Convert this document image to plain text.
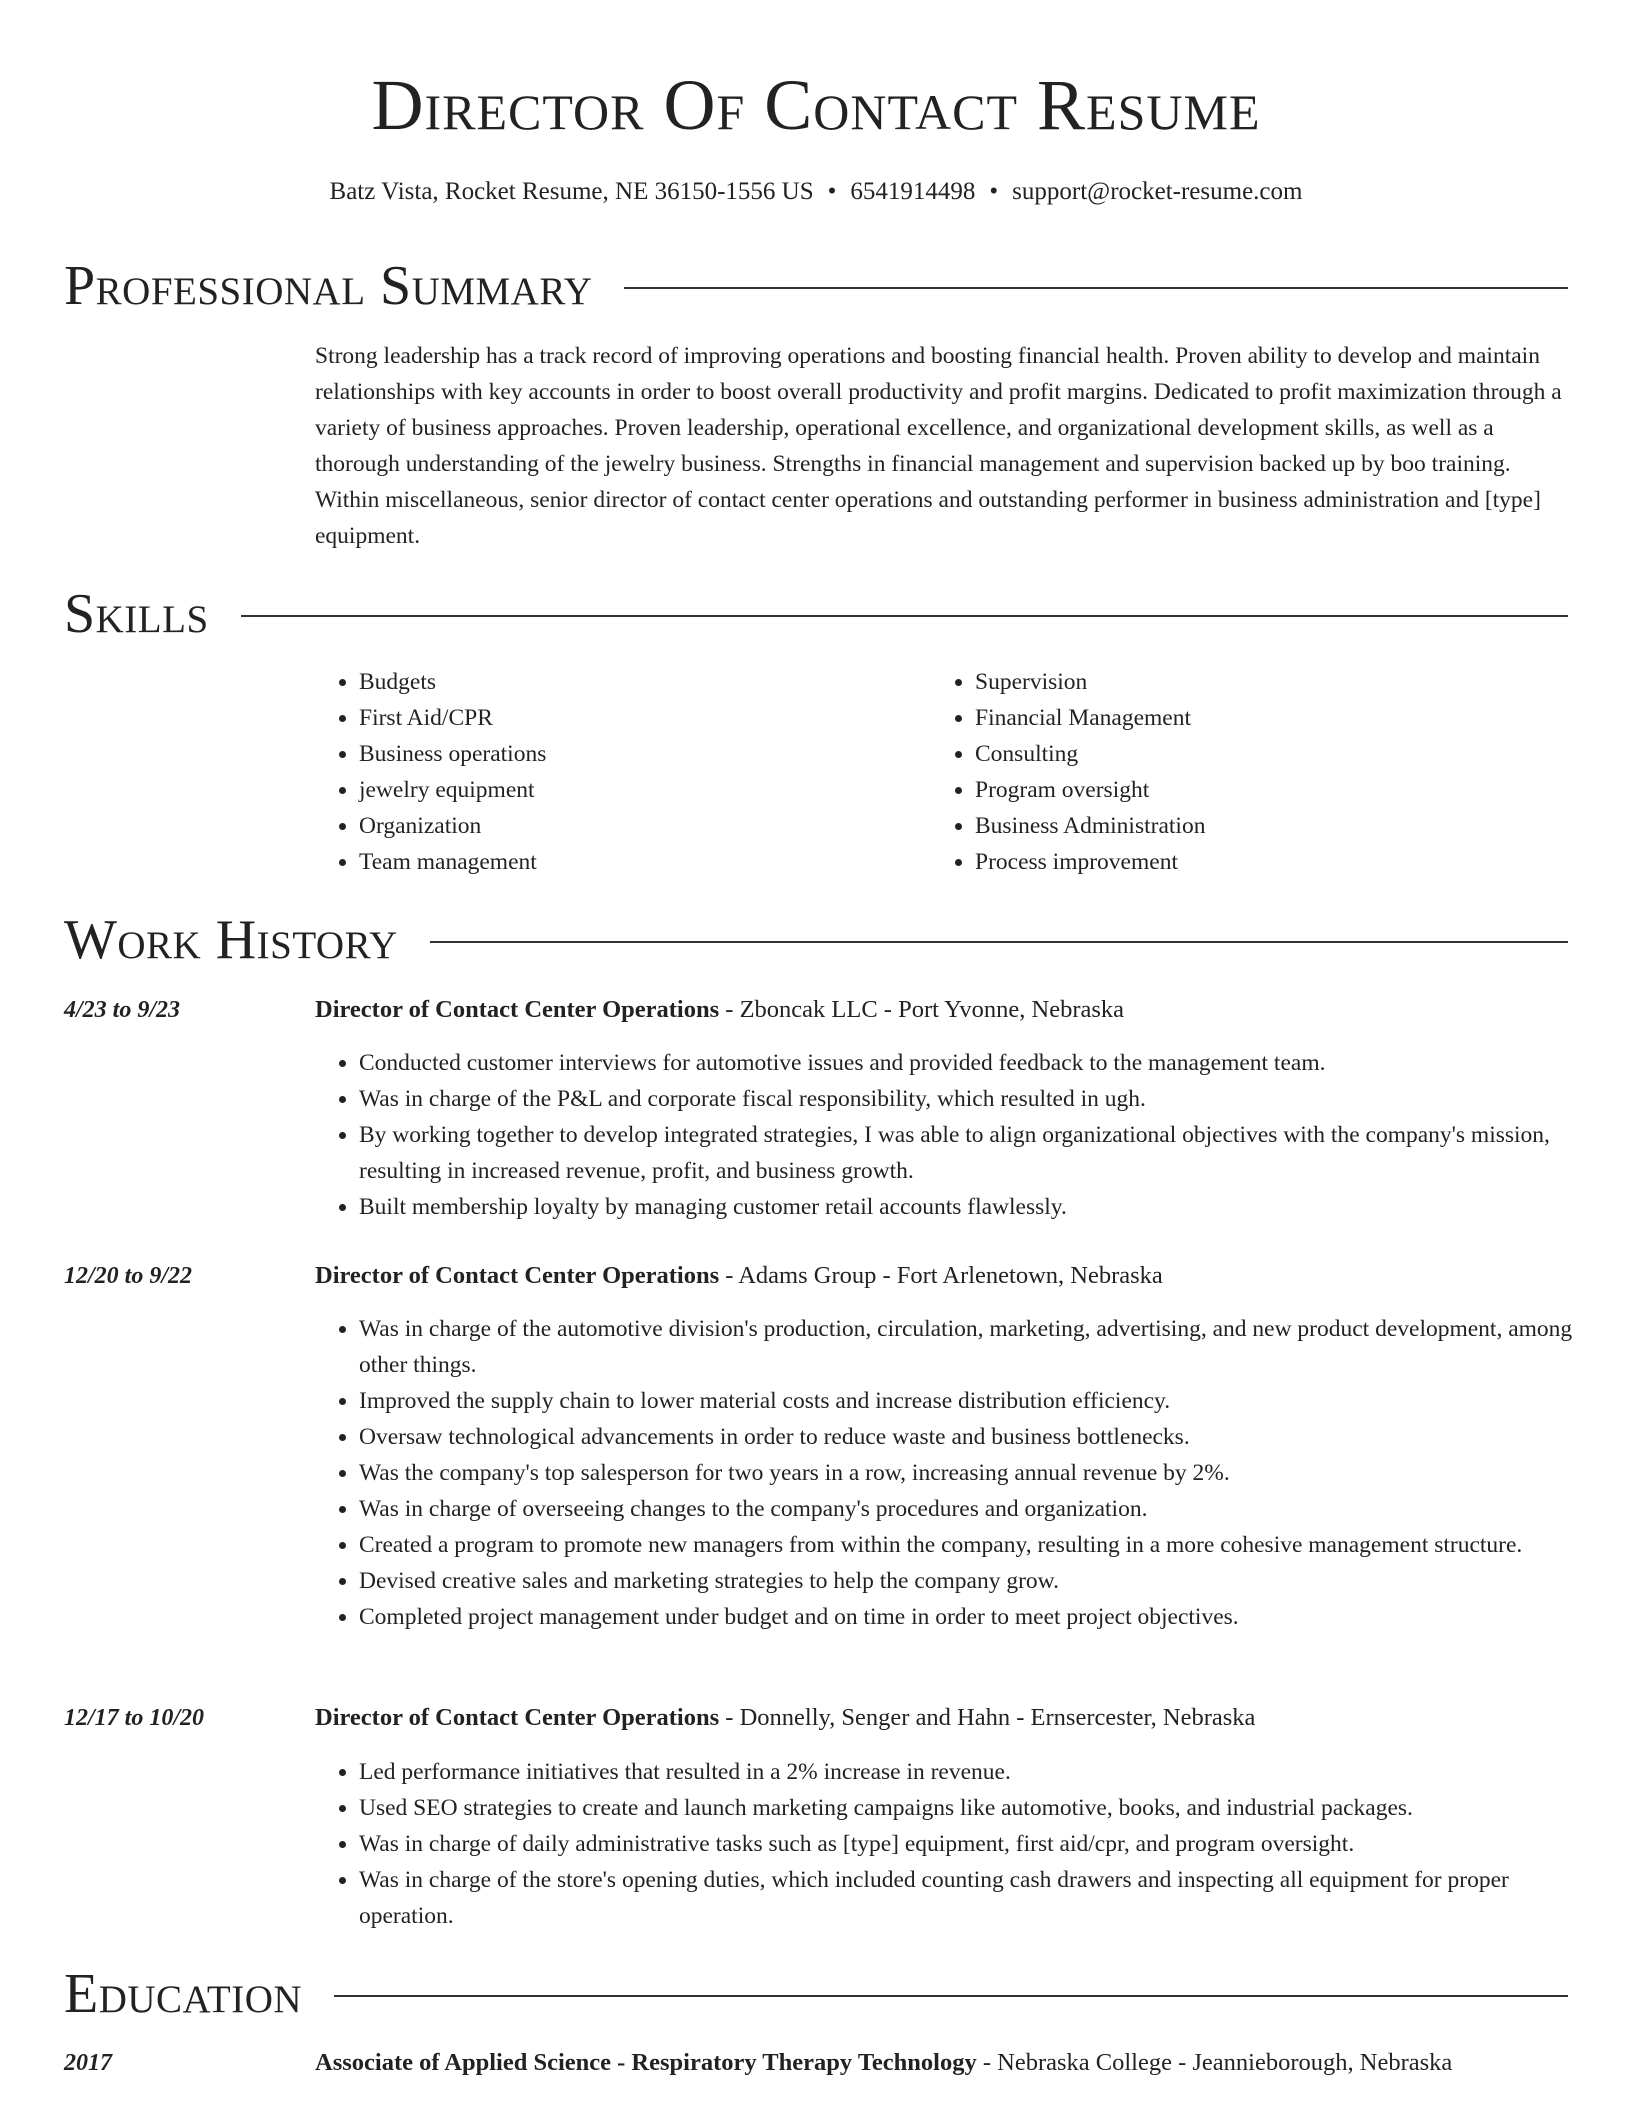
Director Of Contact Resume
Batz Vista, Rocket Resume, NE 36150-1556 US • 6541914498 • support@rocket-resume.com
Professional Summary

Strong leadership has a track record of improving operations and boosting financial health. Proven ability to develop and maintain relationships with key accounts in order to boost overall productivity and profit margins. Dedicated to profit maximization through a variety of business approaches. Proven leadership, operational excellence, and organizational development skills, as well as a thorough understanding of the jewelry business. Strengths in financial management and supervision backed up by boo training. Within miscellaneous, senior director of contact center operations and outstanding performer in business administration and [type] equipment.

Skills
• Budgets
• First Aid/CPR
• Business operations
• jewelry equipment
• Organization
• Team management
• Supervision
• Financial Management
• Consulting
• Program oversight
• Business Administration
• Process improvement
Work History
4/23 to 9/23	Director of Contact Center Operations - Zboncak LLC - Port Yvonne, Nebraska
• Conducted customer interviews for automotive issues and provided feedback to the management team.
• Was in charge of the P&L and corporate fiscal responsibility, which resulted in ugh.
• By working together to develop integrated strategies, I was able to align organizational objectives with the company's mission, resulting in increased revenue, profit, and business growth.
• Built membership loyalty by managing customer retail accounts flawlessly.
12/20 to 9/22	Director of Contact Center Operations - Adams Group - Fort Arlenetown, Nebraska
• Was in charge of the automotive division's production, circulation, marketing, advertising, and new product development, among other things.
• Improved the supply chain to lower material costs and increase distribution efficiency.
• Oversaw technological advancements in order to reduce waste and business bottlenecks.
• Was the company's top salesperson for two years in a row, increasing annual revenue by 2%.
• Was in charge of overseeing changes to the company's procedures and organization.
• Created a program to promote new managers from within the company, resulting in a more cohesive management structure.
• Devised creative sales and marketing strategies to help the company grow.
• Completed project management under budget and on time in order to meet project objectives.
12/17 to 10/20	Director of Contact Center Operations - Donnelly, Senger and Hahn - Ernsercester, Nebraska
• Led performance initiatives that resulted in a 2% increase in revenue.
• Used SEO strategies to create and launch marketing campaigns like automotive, books, and industrial packages.
• Was in charge of daily administrative tasks such as [type] equipment, first aid/cpr, and program oversight.
• Was in charge of the store's opening duties, which included counting cash drawers and inspecting all equipment for proper operation.
Education
2017	Associate of Applied Science - Respiratory Therapy Technology - Nebraska College - Jeannieborough, Nebraska
